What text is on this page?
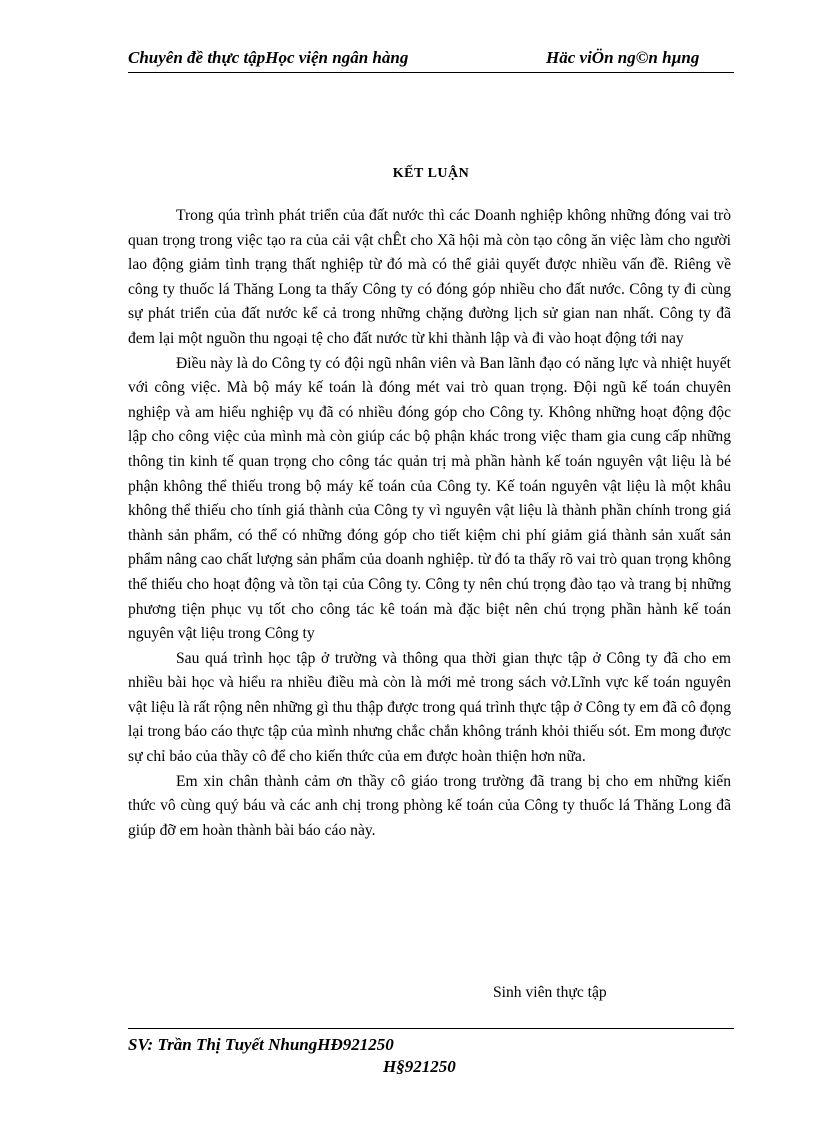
Chuyên đề thực tậpHọc viện ngân hàng	Häc viÖn ng©n hµng
KẾT LUẬN

Trong qúa trình phát triển của đất nước thì các Doanh nghiệp không những đóng vai trò quan trọng trong việc tạo ra của cải vật chÊt cho Xã hội mà còn tạo công ăn việc làm cho người lao động giảm tình trạng thất nghiệp từ đó mà có thể giải quyết được nhiều vấn đề. Riêng về công ty thuốc lá Thăng Long ta thấy Công ty có đóng góp nhiều cho đất nước. Công ty đi cùng sự phát triển của đất nước kể cả trong những chặng đường lịch sử gian nan nhất. Công ty đã đem lại một nguồn thu ngoại tệ cho đất nước từ khi thành lập và đi vào hoạt động tới nay

Điều này là do Công ty có đội ngũ nhân viên và Ban lãnh đạo có năng lực và nhiệt huyết với công việc. Mà bộ máy kế toán là đóng mét vai trò quan trọng. Đội ngũ kế toán chuyên nghiệp và am hiểu nghiệp vụ đã có nhiều đóng góp cho Công ty. Không những hoạt động độc lập cho công việc của mình mà còn giúp các bộ phận khác trong việc tham gia cung cấp những thông tin kinh tế quan trọng cho công tác quản trị mà phần hành kế toán nguyên vật liệu là bé phận không thể thiếu trong bộ máy kế toán của Công ty. Kế toán nguyên vật liệu là một khâu không thể thiếu cho tính giá thành của Công ty vì nguyên vật liệu là thành phần chính trong giá thành sản phẩm, có thể có những đóng góp cho tiết kiệm chi phí giảm giá thành sản xuất sản phẩm nâng cao chất lượng sản phẩm của doanh nghiệp. từ đó ta thấy rõ vai trò quan trọng không thể thiếu cho hoạt động và tồn tại của Công ty. Công ty nên chú trọng đào tạo và trang bị những phương tiện phục vụ tốt cho công tác kê toán mà đặc biệt nên chú trọng phần hành kế toán nguyên vật liệu trong Công ty

Sau quá trình học tập ở trường và thông qua thời gian thực tập ở Công ty đã cho em nhiều bài học và hiểu ra nhiều điều mà còn là mới mẻ trong sách vở.Lĩnh vực kế toán nguyên vật liệu là rất rộng nên những gì thu thập được trong quá trình thực tập ở Công ty em đã cô đọng lại trong báo cáo thực tập của mình nhưng chắc chắn không tránh khỏi thiếu sót. Em mong được sự chỉ bảo của thầy cô để cho kiến thức của em được hoàn thiện hơn nữa.

Em xin chân thành cảm ơn thầy cô giáo trong trường đã trang bị cho em những kiến thức vô cùng quý báu và các anh chị trong phòng kế toán của Công ty thuốc lá Thăng Long đã giúp đỡ em hoàn thành bài báo cáo này.

Sinh viên thực tập
SV: Trần Thị Tuyết NhungHĐ921250
H§921250
